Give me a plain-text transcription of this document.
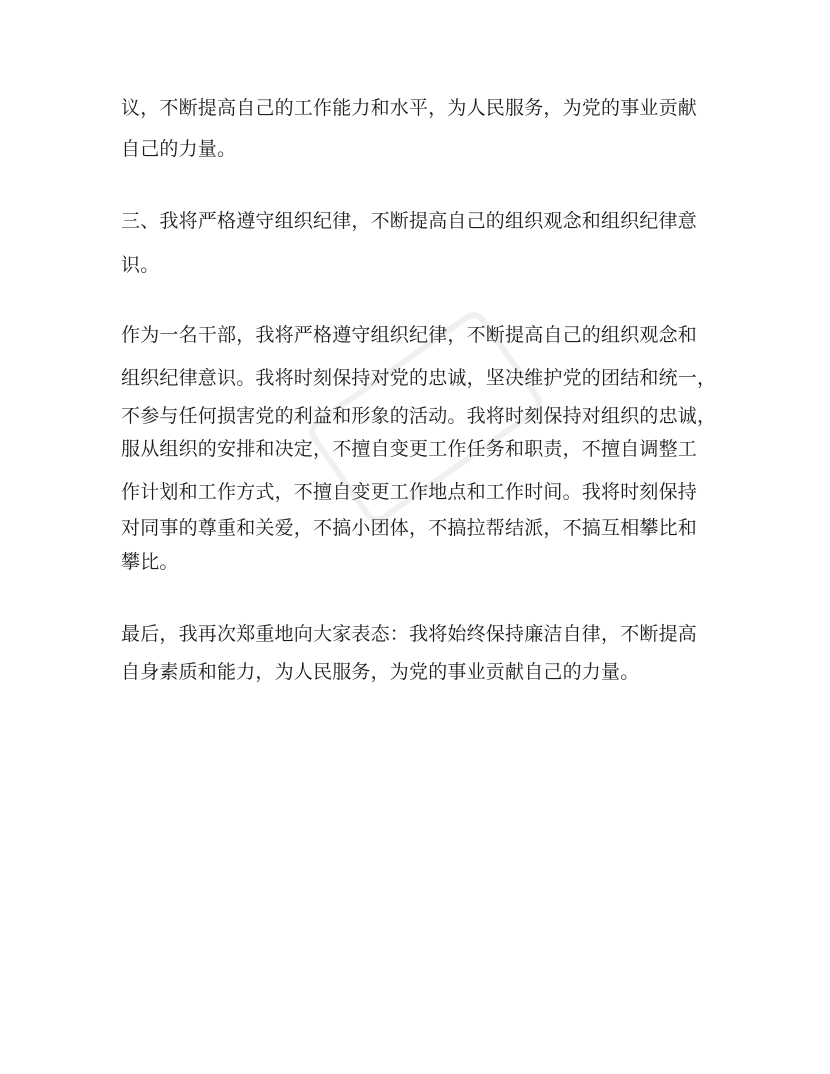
议，不断提高自己的工作能力和水平，为人民服务，为党的事业贡献
自己的力量。
三、我将严格遵守组织纪律，不断提高自己的组织观念和组织纪律意
识。
作为一名干部，我将严格遵守组织纪律，不断提高自己的组织观念和
组织纪律意识。我将时刻保持对党的忠诚，坚决维护党的团结和统一，
不参与任何损害党的利益和形象的活动。我将时刻保持对组织的忠诚，
服从组织的安排和决定，不擅自变更工作任务和职责，不擅自调整工
作计划和工作方式，不擅自变更工作地点和工作时间。我将时刻保持
对同事的尊重和关爱，不搞小团体，不搞拉帮结派，不搞互相攀比和
攀比。
最后，我再次郑重地向大家表态：我将始终保持廉洁自律，不断提高
自身素质和能力，为人民服务，为党的事业贡献自己的力量。
